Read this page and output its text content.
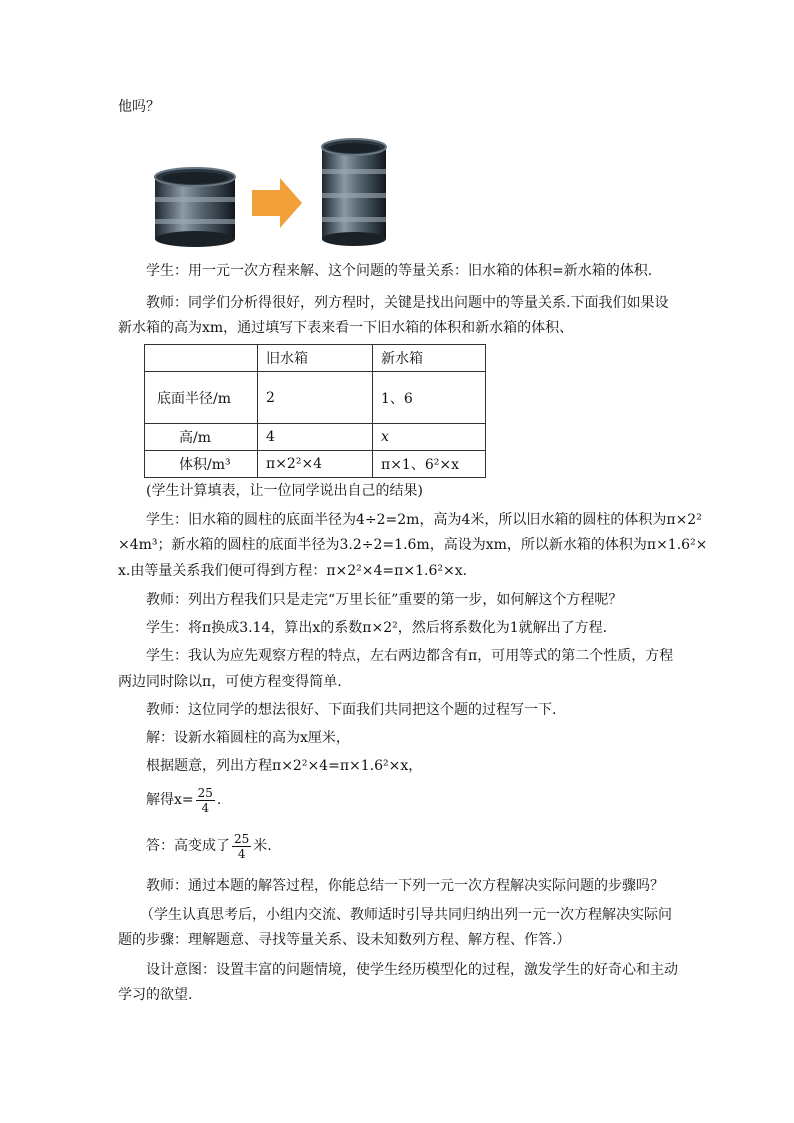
他吗？
学生：用一元一次方程来解、这个问题的等量关系：旧水箱的体积=新水箱的体积.
教师：同学们分析得很好，列方程时，关键是找出问题中的等量关系.下面我们如果设
新水箱的高为xm，通过填写下表来看一下旧水箱的体积和新水箱的体积、
	旧水箱	新水箱
底面半径/m	2	1、6
高/m	4	x
体积/m³	π×2²×4	π×1、6²×x
(学生计算填表，让一位同学说出自己的结果)
学生：旧水箱的圆柱的底面半径为4÷2=2m，高为4米，所以旧水箱的圆柱的体积为π×2²
×4m³；新水箱的圆柱的底面半径为3.2÷2=1.6m，高设为xm，所以新水箱的体积为π×1.6²×
x.由等量关系我们便可得到方程：π×2²×4=π×1.6²×x.
教师：列出方程我们只是走完“万里长征”重要的第一步，如何解这个方程呢？
学生：将π换成3.14，算出x的系数π×2²，然后将系数化为1就解出了方程.
学生：我认为应先观察方程的特点，左右两边都含有π，可用等式的第二个性质，方程
两边同时除以π，可使方程变得简单.
教师：这位同学的想法很好、下面我们共同把这个题的过程写一下.
解：设新水箱圆柱的高为x厘米，
根据题意，列出方程π×2²×4=π×1.6²×x，
解得$x= \frac{25}{4}$ .
答：高变成了 $\frac{25}{4}$ 米.
教师：通过本题的解答过程，你能总结一下列一元一次方程解决实际问题的步骤吗？
（学生认真思考后，小组内交流、教师适时引导共同归纳出列一元一次方程解决实际问
题的步骤：理解题意、寻找等量关系、设未知数列方程、解方程、作答.）
设计意图：设置丰富的问题情境，使学生经历模型化的过程，激发学生的好奇心和主动
学习的欲望.
